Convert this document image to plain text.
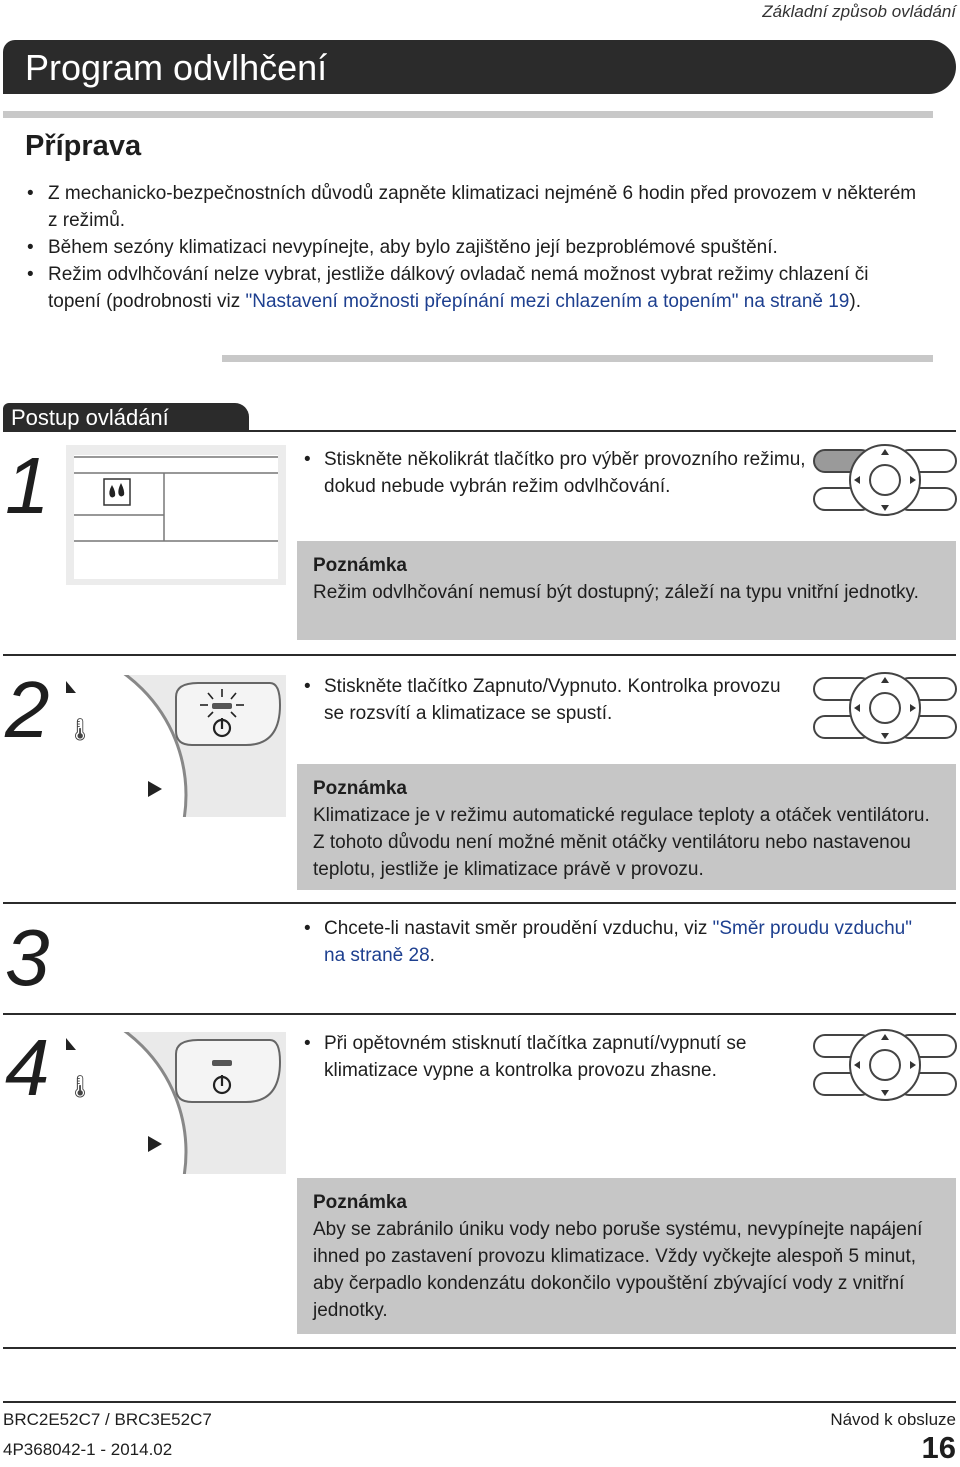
Základní způsob ovládání
Program odvlhčení
Příprava
• Z mechanicko-bezpečnostních důvodů zapněte klimatizaci nejméně 6 hodin před provozem v některém z režimů.
• Během sezóny klimatizaci nevypínejte, aby bylo zajištěno její bezproblémové spuštění.
• Režim odvlhčování nelze vybrat, jestliže dálkový ovladač nemá možnost vybrat režimy chlazení či topení (podrobnosti viz "Nastavení možnosti přepínání mezi chlazením a topením" na straně 19).
Postup ovládání
1	• Stiskněte několikrát tlačítko pro výběr provozního režimu, dokud nebude vybrán režim odvlhčování.
Poznámka
Režim odvlhčování nemusí být dostupný; záleží na typu vnitřní jednotky.
2 🌡
• Stiskněte tlačítko Zapnuto/Vypnuto. Kontrolka provozu se rozsvítí a klimatizace se spustí.
Poznámka
Klimatizace je v režimu automatické regulace teploty a otáček ventilátoru. Z tohoto důvodu není možné měnit otáčky ventilátoru nebo nastavenou teplotu, jestliže je klimatizace právě v provozu.
3	• Chcete-li nastavit směr proudění vzduchu, viz "Směr proudu vzduchu" na straně 28.
4 🌡
• Při opětovném stisknutí tlačítka zapnutí/vypnutí se klimatizace vypne a kontrolka provozu zhasne.
Poznámka
Aby se zabránilo úniku vody nebo poruše systému, nevypínejte napájení ihned po zastavení provozu klimatizace. Vždy vyčkejte alespoň 5 minut, aby čerpadlo kondenzátu dokončilo vypouštění zbývající vody z vnitřní jednotky.
BRC2E52C7 / BRC3E52C7
4P368042-1 - 2014.02
Návod k obsluze
16
